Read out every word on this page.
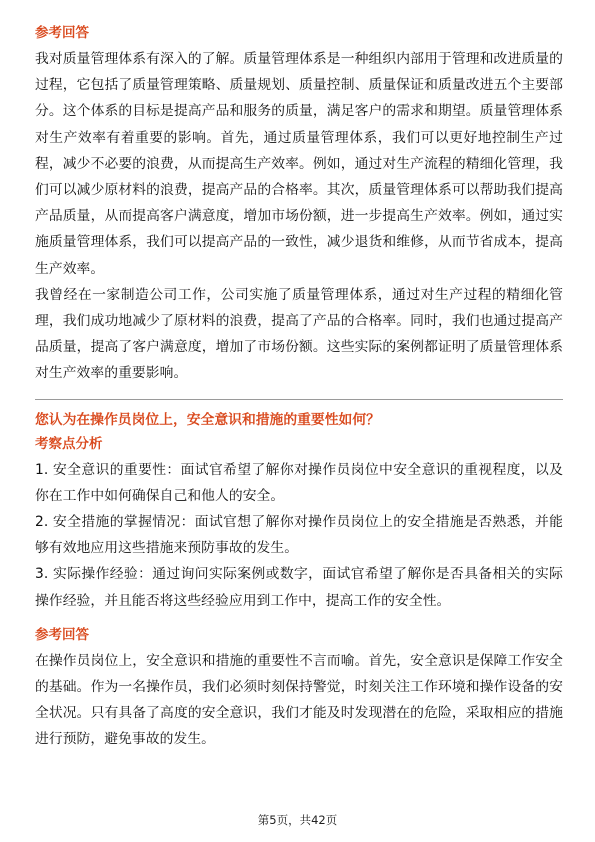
参考回答

我对质量管理体系有深入的了解。质量管理体系是一种组织内部用于管理和改进质量的过程，它包括了质量管理策略、质量规划、质量控制、质量保证和质量改进五个主要部分。这个体系的目标是提高产品和服务的质量，满足客户的需求和期望。质量管理体系对生产效率有着重要的影响。首先，通过质量管理体系，我们可以更好地控制生产过程，减少不必要的浪费，从而提高生产效率。例如，通过对生产流程的精细化管理，我们可以减少原材料的浪费，提高产品的合格率。其次，质量管理体系可以帮助我们提高产品质量，从而提高客户满意度，增加市场份额，进一步提高生产效率。例如，通过实施质量管理体系，我们可以提高产品的一致性，减少退货和维修，从而节省成本，提高生产效率。

我曾经在一家制造公司工作，公司实施了质量管理体系，通过对生产过程的精细化管理，我们成功地减少了原材料的浪费，提高了产品的合格率。同时，我们也通过提高产品质量，提高了客户满意度，增加了市场份额。这些实际的案例都证明了质量管理体系对生产效率的重要影响。

您认为在操作员岗位上，安全意识和措施的重要性如何？

考察点分析

1. 安全意识的重要性：面试官希望了解你对操作员岗位中安全意识的重视程度，以及你在工作中如何确保自己和他人的安全。

2. 安全措施的掌握情况：面试官想了解你对操作员岗位上的安全措施是否熟悉，并能够有效地应用这些措施来预防事故的发生。

3. 实际操作经验：通过询问实际案例或数字，面试官希望了解你是否具备相关的实际操作经验，并且能否将这些经验应用到工作中，提高工作的安全性。

参考回答

在操作员岗位上，安全意识和措施的重要性不言而喻。首先，安全意识是保障工作安全的基础。作为一名操作员，我们必须时刻保持警觉，时刻关注工作环境和操作设备的安全状况。只有具备了高度的安全意识，我们才能及时发现潜在的危险，采取相应的措施进行预防，避免事故的发生。

第5页，共42页
